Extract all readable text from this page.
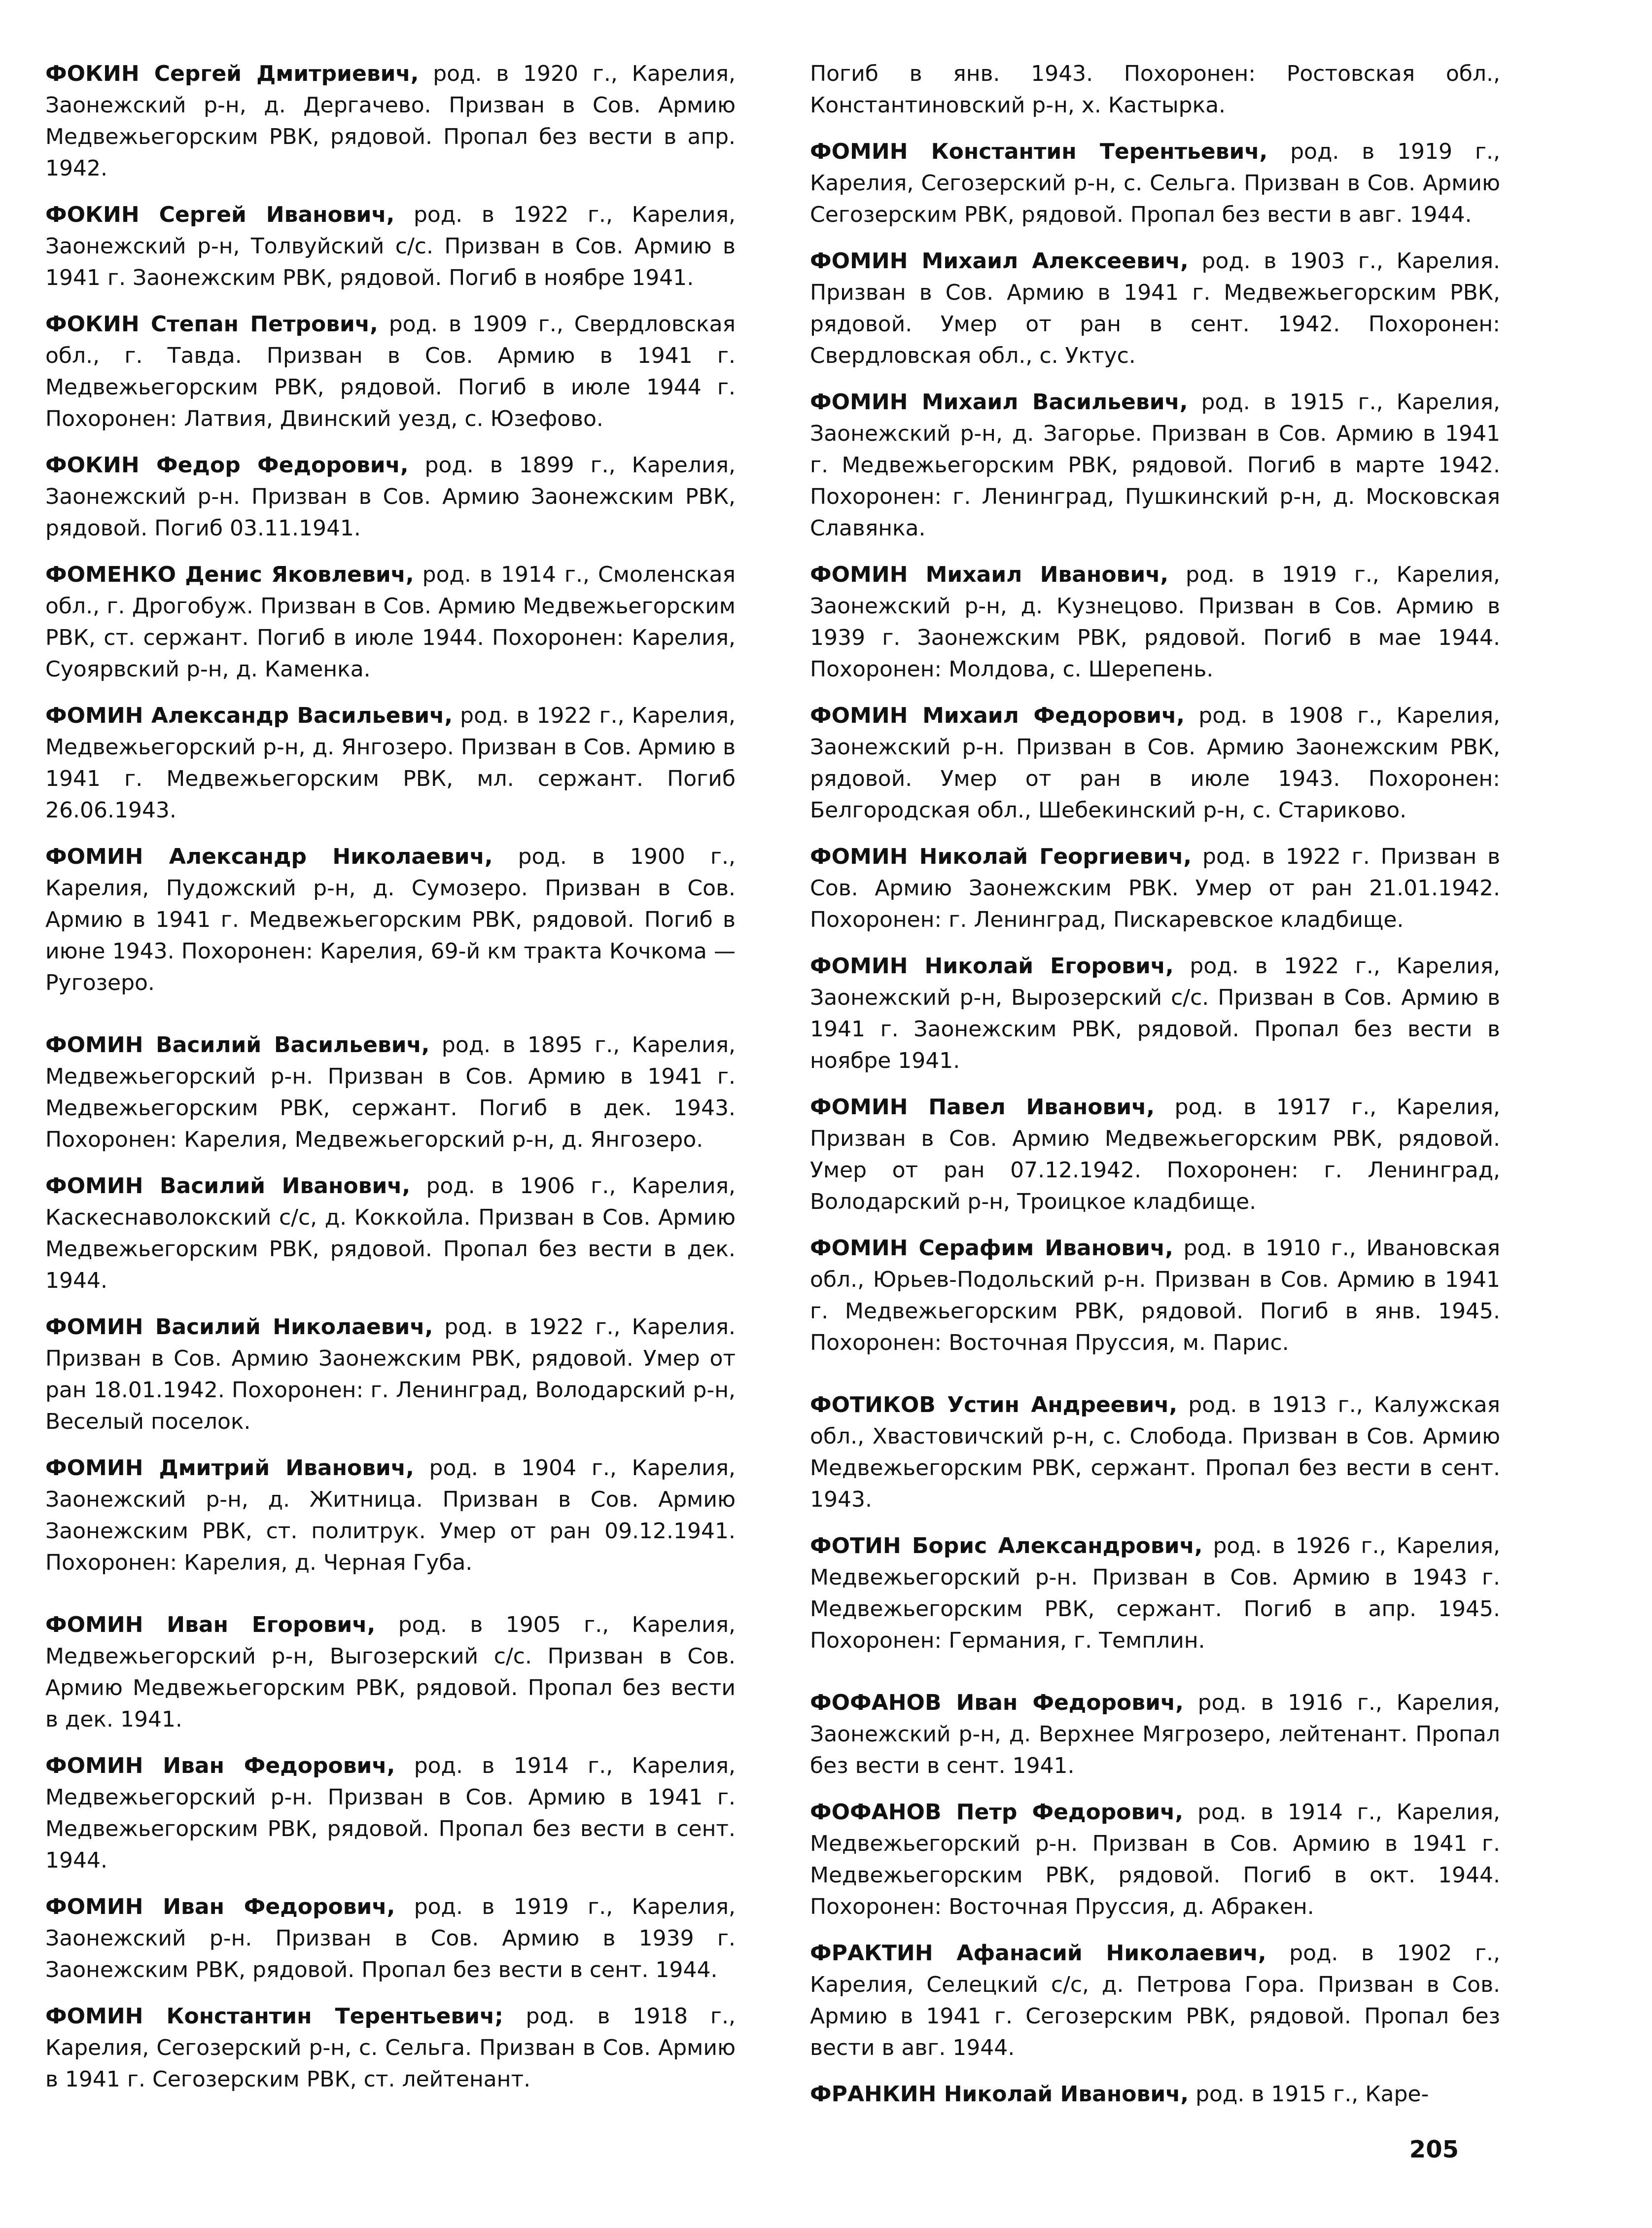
ФОКИН Сергей Дмитриевич, род. в 1920 г., Карелия, Заонежский р-н, д. Дергачево. Призван в Сов. Армию Медвежьегорским РВК, рядовой. Пропал без вести в апр. 1942.

ФОКИН Сергей Иванович, род. в 1922 г., Карелия, Заонежский р-н, Толвуйский с/с. Призван в Сов. Армию в 1941 г. Заонежским РВК, рядовой. Погиб в ноябре 1941.

ФОКИН Степан Петрович, род. в 1909 г., Свердловская обл., г. Тавда. Призван в Сов. Армию в 1941 г. Медвежьегорским РВК, рядовой. Погиб в июле 1944 г. Похоронен: Латвия, Двинский уезд, с. Юзефово.

ФОКИН Федор Федорович, род. в 1899 г., Карелия, Заонежский р-н. Призван в Сов. Армию Заонежским РВК, рядовой. Погиб 03.11.1941.

ФОМЕНКО Денис Яковлевич, род. в 1914 г., Смоленская обл., г. Дрогобуж. Призван в Сов. Армию Медвежьегорским РВК, ст. сержант. Погиб в июле 1944. Похоронен: Карелия, Суоярвский р-н, д. Каменка.

ФОМИН Александр Васильевич, род. в 1922 г., Карелия, Медвежьегорский р-н, д. Янгозеро. Призван в Сов. Армию в 1941 г. Медвежьегорским РВК, мл. сержант. Погиб 26.06.1943.

ФОМИН Александр Николаевич, род. в 1900 г., Карелия, Пудожский р-н, д. Сумозеро. Призван в Сов. Армию в 1941 г. Медвежьегорским РВК, рядовой. Погиб в июне 1943. Похоронен: Карелия, 69-й км тракта Кочкома — Ругозеро.

ФОМИН Василий Васильевич, род. в 1895 г., Карелия, Медвежьегорский р-н. Призван в Сов. Армию в 1941 г. Медвежьегорским РВК, сержант. Погиб в дек. 1943. Похоронен: Карелия, Медвежьегорский р-н, д. Янгозеро.

ФОМИН Василий Иванович, род. в 1906 г., Карелия, Каскеснаволокский с/с, д. Коккойла. Призван в Сов. Армию Медвежьегорским РВК, рядовой. Пропал без вести в дек. 1944.

ФОМИН Василий Николаевич, род. в 1922 г., Карелия. Призван в Сов. Армию Заонежским РВК, рядовой. Умер от ран 18.01.1942. Похоронен: г. Ленинград, Володарский р-н, Веселый поселок.

ФОМИН Дмитрий Иванович, род. в 1904 г., Карелия, Заонежский р-н, д. Житница. Призван в Сов. Армию Заонежским РВК, ст. политрук. Умер от ран 09.12.1941. Похоронен: Карелия, д. Черная Губа.

ФОМИН Иван Егорович, род. в 1905 г., Карелия, Медвежьегорский р-н, Выгозерский с/с. Призван в Сов. Армию Медвежьегорским РВК, рядовой. Пропал без вести в дек. 1941.

ФОМИН Иван Федорович, род. в 1914 г., Карелия, Медвежьегорский р-н. Призван в Сов. Армию в 1941 г. Медвежьегорским РВК, рядовой. Пропал без вести в сент. 1944.

ФОМИН Иван Федорович, род. в 1919 г., Карелия, Заонежский р-н. Призван в Сов. Армию в 1939 г. Заонежским РВК, рядовой. Пропал без вести в сент. 1944.

ФОМИН Константин Терентьевич; род. в 1918 г., Карелия, Сегозерский р-н, с. Сельга. Призван в Сов. Армию в 1941 г. Сегозерским РВК, ст. лейтенант.

Погиб в янв. 1943. Похоронен: Ростовская обл., Константиновский р-н, х. Кастырка.

ФОМИН Константин Терентьевич, род. в 1919 г., Карелия, Сегозерский р-н, с. Сельга. Призван в Сов. Армию Сегозерским РВК, рядовой. Пропал без вести в авг. 1944.

ФОМИН Михаил Алексеевич, род. в 1903 г., Карелия. Призван в Сов. Армию в 1941 г. Медвежьегорским РВК, рядовой. Умер от ран в сент. 1942. Похоронен: Свердловская обл., с. Уктус.

ФОМИН Михаил Васильевич, род. в 1915 г., Карелия, Заонежский р-н, д. Загорье. Призван в Сов. Армию в 1941 г. Медвежьегорским РВК, рядовой. Погиб в марте 1942. Похоронен: г. Ленинград, Пушкинский р-н, д. Московская Славянка.

ФОМИН Михаил Иванович, род. в 1919 г., Карелия, Заонежский р-н, д. Кузнецово. Призван в Сов. Армию в 1939 г. Заонежским РВК, рядовой. Погиб в мае 1944. Похоронен: Молдова, с. Шерепень.

ФОМИН Михаил Федорович, род. в 1908 г., Карелия, Заонежский р-н. Призван в Сов. Армию Заонежским РВК, рядовой. Умер от ран в июле 1943. Похоронен: Белгородская обл., Шебекинский р-н, с. Стариково.

ФОМИН Николай Георгиевич, род. в 1922 г. Призван в Сов. Армию Заонежским РВК. Умер от ран 21.01.1942. Похоронен: г. Ленинград, Пискаревское кладбище.

ФОМИН Николай Егорович, род. в 1922 г., Карелия, Заонежский р-н, Вырозерский с/с. Призван в Сов. Армию в 1941 г. Заонежским РВК, рядовой. Пропал без вести в ноябре 1941.

ФОМИН Павел Иванович, род. в 1917 г., Карелия, Призван в Сов. Армию Медвежьегорским РВК, рядовой. Умер от ран 07.12.1942. Похоронен: г. Ленинград, Володарский р-н, Троицкое кладбище.

ФОМИН Серафим Иванович, род. в 1910 г., Ивановская обл., Юрьев-Подольский р-н. Призван в Сов. Армию в 1941 г. Медвежьегорским РВК, рядовой. Погиб в янв. 1945. Похоронен: Восточная Пруссия, м. Парис.

ФОТИКОВ Устин Андреевич, род. в 1913 г., Калужская обл., Хвастовичский р-н, с. Слобода. Призван в Сов. Армию Медвежьегорским РВК, сержант. Пропал без вести в сент. 1943.

ФОТИН Борис Александрович, род. в 1926 г., Карелия, Медвежьегорский р-н. Призван в Сов. Армию в 1943 г. Медвежьегорским РВК, сержант. Погиб в апр. 1945. Похоронен: Германия, г. Темплин.

ФОФАНОВ Иван Федорович, род. в 1916 г., Карелия, Заонежский р-н, д. Верхнее Мягрозеро, лейтенант. Пропал без вести в сент. 1941.

ФОФАНОВ Петр Федорович, род. в 1914 г., Карелия, Медвежьегорский р-н. Призван в Сов. Армию в 1941 г. Медвежьегорским РВК, рядовой. Погиб в окт. 1944. Похоронен: Восточная Пруссия, д. Абракен.

ФРАКТИН Афанасий Николаевич, род. в 1902 г., Карелия, Селецкий с/с, д. Петрова Гора. Призван в Сов. Армию в 1941 г. Сегозерским РВК, рядовой. Пропал без вести в авг. 1944.

ФРАНКИН Николай Иванович, род. в 1915 г., Каре-

205
